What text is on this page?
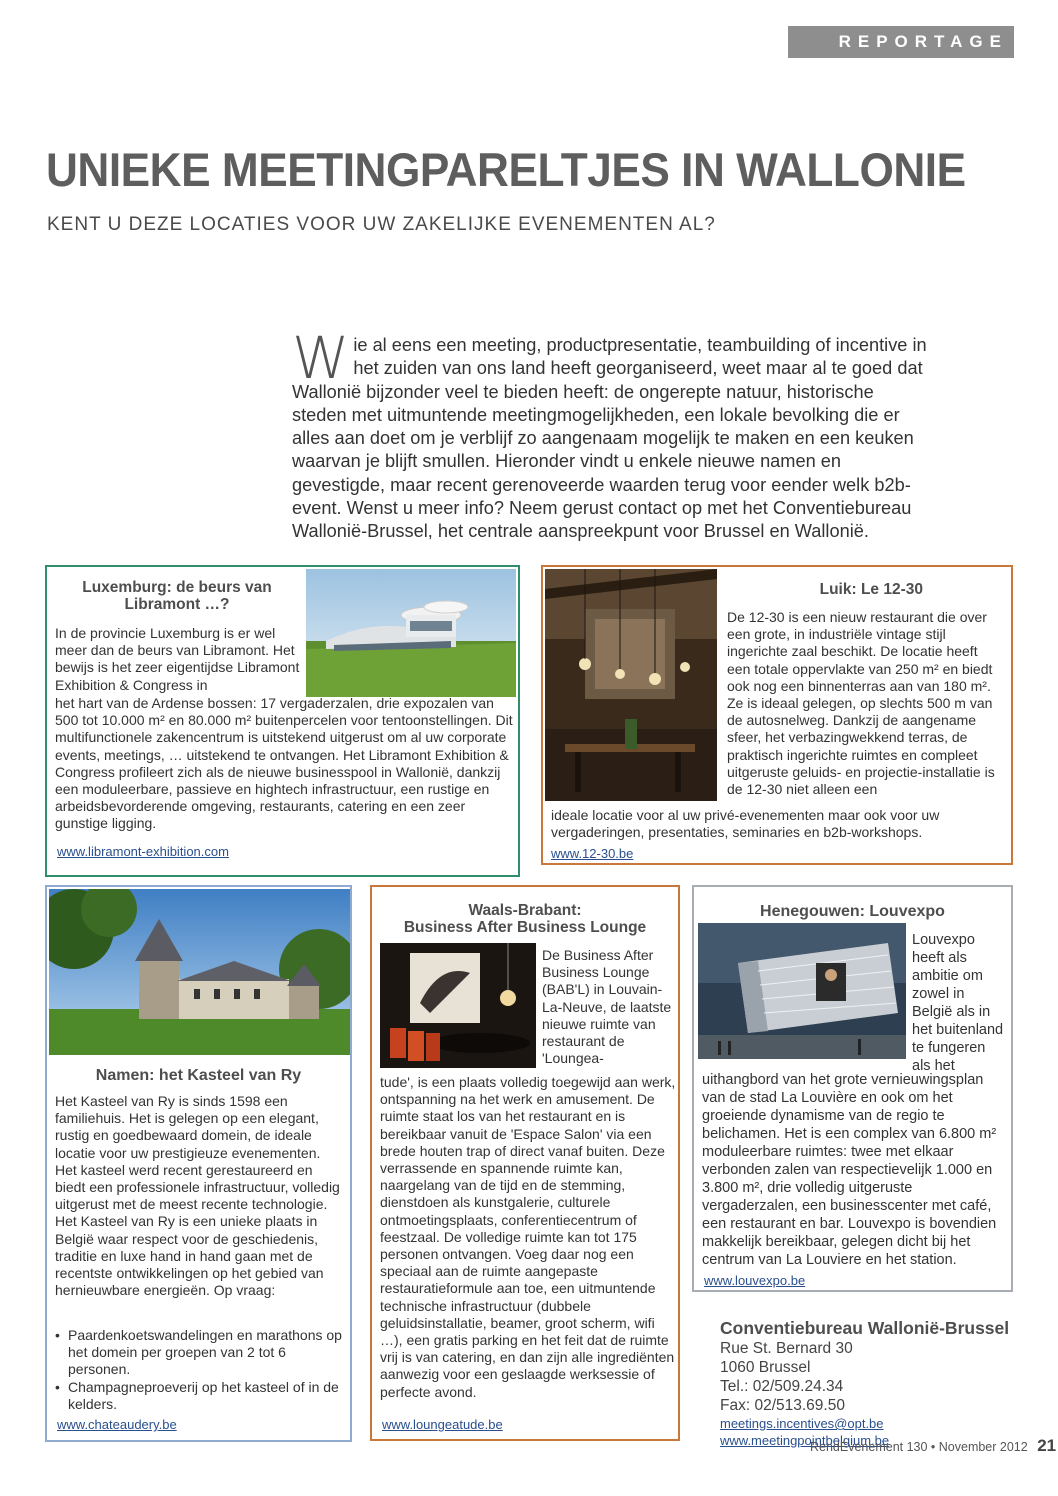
REPORTAGE
UNIEKE MEETINGPARELTJES IN WALLONIE
KENT U DEZE LOCATIES VOOR UW ZAKELIJKE EVENEMENTEN AL?
W ie al eens een meeting, productpresentatie, teambuilding of incentive in het zuiden van ons land heeft georganiseerd, weet maar al te goed dat Wallonië bijzonder veel te bieden heeft: de ongerepte natuur, historische steden met uitmuntende meetingmogelijkheden, een lokale bevolking die er alles aan doet om je verblijf zo aangenaam mogelijk te maken en een keuken waarvan je blijft smullen. Hieronder vindt u enkele nieuwe namen en gevestigde, maar recent gerenoveerde waarden terug voor eender welk b2b-event. Wenst u meer info? Neem gerust contact op met het Conventiebureau Wallonië-Brussel, het centrale aanspreekpunt voor Brussel en Wallonië.
Luxemburg: de beurs van Libramont …?
In de provincie Luxemburg is er wel meer dan de beurs van Libramont. Het bewijs is het zeer eigentijdse Libramont Exhibition & Congress in
het hart van de Ardense bossen: 17 vergaderzalen, drie expozalen van 500 tot 10.000 m² en 80.000 m² buitenpercelen voor tentoonstellingen. Dit multifunctionele zakencentrum is uitstekend uitgerust om al uw corporate events, meetings, … uitstekend te ontvangen. Het Libramont Exhibition & Congress profileert zich als de nieuwe businesspool in Wallonië, dankzij een moduleerbare, passieve en hightech infrastructuur, een rustige en arbeidsbevorderende omgeving, restaurants, catering en een zeer gunstige ligging.
www.libramont-exhibition.com
Luik: Le 12-30
De 12-30 is een nieuw restaurant die over een grote, in industriële vintage stijl ingerichte zaal beschikt. De locatie heeft een totale oppervlakte van 250 m² en biedt ook nog een binnenterras aan van 180 m². Ze is ideaal gelegen, op slechts 500 m van de autosnelweg. Dankzij de aangename sfeer, het verbazingwekkend terras, de praktisch ingerichte ruimtes en compleet uitgeruste geluids- en projectie-installatie is de 12-30 niet alleen een
ideale locatie voor al uw privé-evenementen maar ook voor uw vergaderingen, presentaties, seminaries en b2b-workshops.
www.12-30.be
Namen: het Kasteel van Ry
Het Kasteel van Ry is sinds 1598 een familiehuis. Het is gelegen op een elegant, rustig en goedbewaard domein, de ideale locatie voor uw prestigieuze evenementen. Het kasteel werd recent gerestaureerd en biedt een professionele infrastructuur, volledig uitgerust met de meest recente technologie. Het Kasteel van Ry is een unieke plaats in België waar respect voor de geschiedenis, traditie en luxe hand in hand gaan met de recentste ontwikkelingen op het gebied van hernieuwbare energieën. Op vraag:
• Paardenkoetswandelingen en marathons op het domein per groepen van 2 tot 6 personen.
• Champagneproeverij op het kasteel of in de kelders.
www.chateaudery.be
Waals-Brabant:
Business After Business Lounge
De Business After Business Lounge (BAB'L) in Louvain-La-Neuve, de laatste nieuwe ruimte van restaurant de 'Loungea-
tude', is een plaats volledig toegewijd aan werk, ontspanning na het werk en amusement. De ruimte staat los van het restaurant en is bereikbaar vanuit de 'Espace Salon' via een brede houten trap of direct vanaf buiten. Deze verrassende en spannende ruimte kan, naargelang van de tijd en de stemming, dienstdoen als kunstgalerie, culturele ontmoetingsplaats, conferentiecentrum of feestzaal. De volledige ruimte kan tot 175 personen ontvangen. Voeg daar nog een speciaal aan de ruimte aangepaste restauratieformule aan toe, een uitmuntende technische infrastructuur (dubbele geluidsinstallatie, beamer, groot scherm, wifi …), een gratis parking en het feit dat de ruimte vrij is van catering, en dan zijn alle ingrediënten aanwezig voor een geslaagde werksessie of perfecte avond.
www.loungeatude.be
Henegouwen: Louvexpo
Louvexpo heeft als ambitie om zowel in België als in het buitenland te fungeren als het
uithangbord van het grote vernieuwingsplan van de stad La Louvière en ook om het groeiende dynamisme van de regio te belichamen. Het is een complex van 6.800 m² moduleerbare ruimtes: twee met elkaar verbonden zalen van respectievelijk 1.000 en 3.800 m², drie volledig uitgeruste vergaderzalen, een businesscenter met café, een restaurant en bar. Louvexpo is bovendien makkelijk bereikbaar, gelegen dicht bij het centrum van La Louviere en het station.
www.louvexpo.be
Conventiebureau Wallonië-Brussel
Rue St. Bernard 30
1060 Brussel
Tel.: 02/509.24.34
Fax: 02/513.69.50
meetings.incentives@opt.be
www.meetingpointbelgium.be
RendEvenement 130 • November 2012 21
